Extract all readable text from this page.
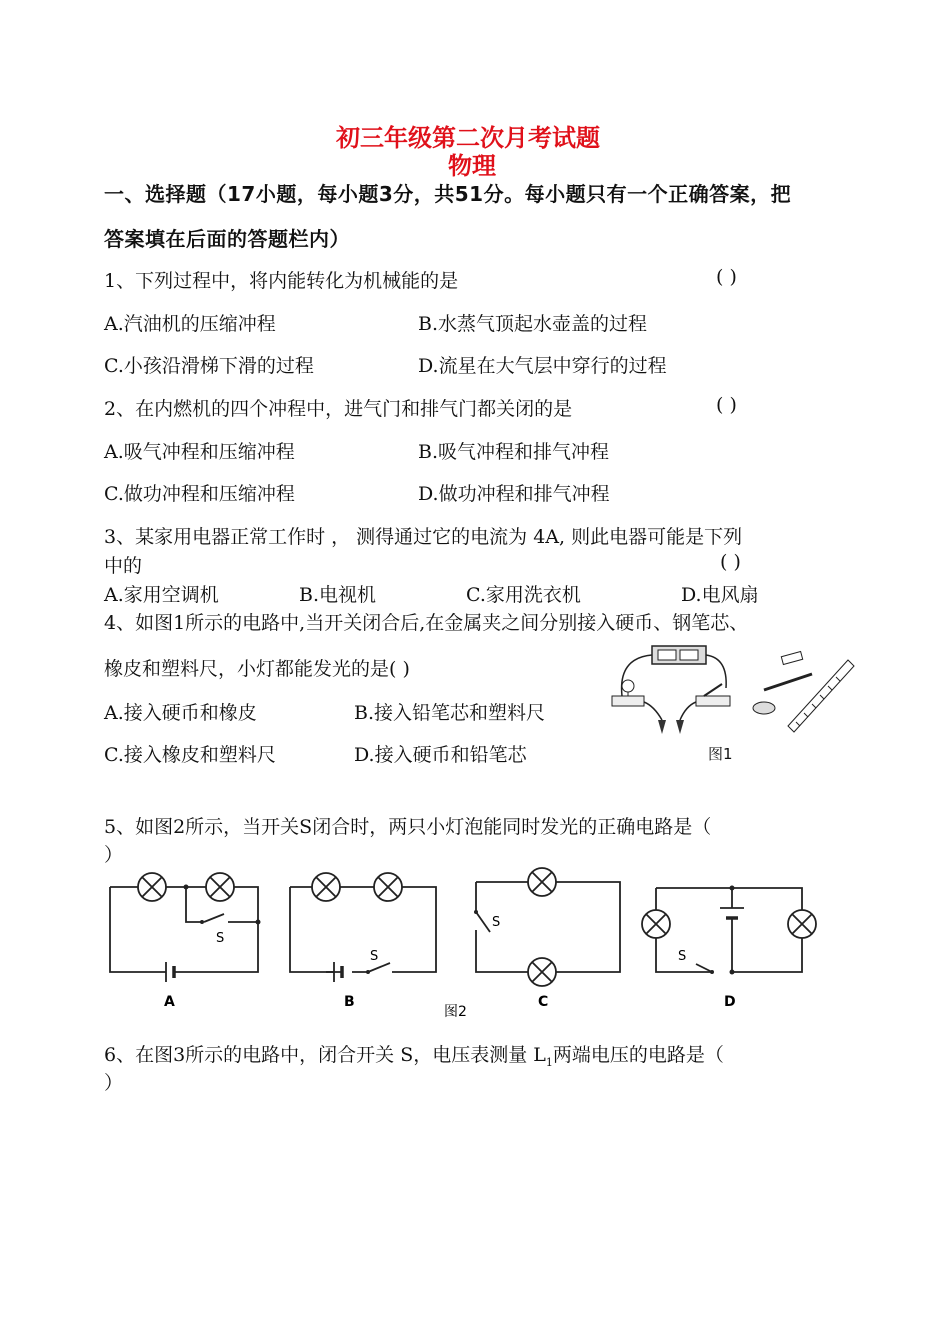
初三年级第二次月考试题
物理
一、选择题（17小题，每小题3分，共51分。每小题只有一个正确答案，把
答案填在后面的答题栏内）
1、下列过程中，将内能转化为机械能的是	( )
A.汽油机的压缩冲程	B.水蒸气顶起水壶盖的过程
C.小孩沿滑梯下滑的过程	D.流星在大气层中穿行的过程
2、在内燃机的四个冲程中，进气门和排气门都关闭的是	( )
A.吸气冲程和压缩冲程	B.吸气冲程和排气冲程
C.做功冲程和压缩冲程	D.做功冲程和排气冲程
3、某家用电器正常工作时 ， 测得通过它的电流为 4A, 则此电器可能是下列
中的	( )
A.家用空调机	B.电视机	C.家用洗衣机	D.电风扇
4、如图1所示的电路中,当开关闭合后,在金属夹之间分别接入硬币、钢笔芯、
橡皮和塑料尺，小灯都能发光的是( )
A.接入硬币和橡皮	B.接入铅笔芯和塑料尺
C.接入橡皮和塑料尺	D.接入硬币和铅笔芯	图1
5、如图2所示，当开关S闭合时，两只小灯泡能同时发光的正确电路是（
）
S
S
S
S
A	B	C	D
图2
6、在图3所示的电路中，闭合开关 S，电压表测量 $L_1$两端电压的电路是（
）
